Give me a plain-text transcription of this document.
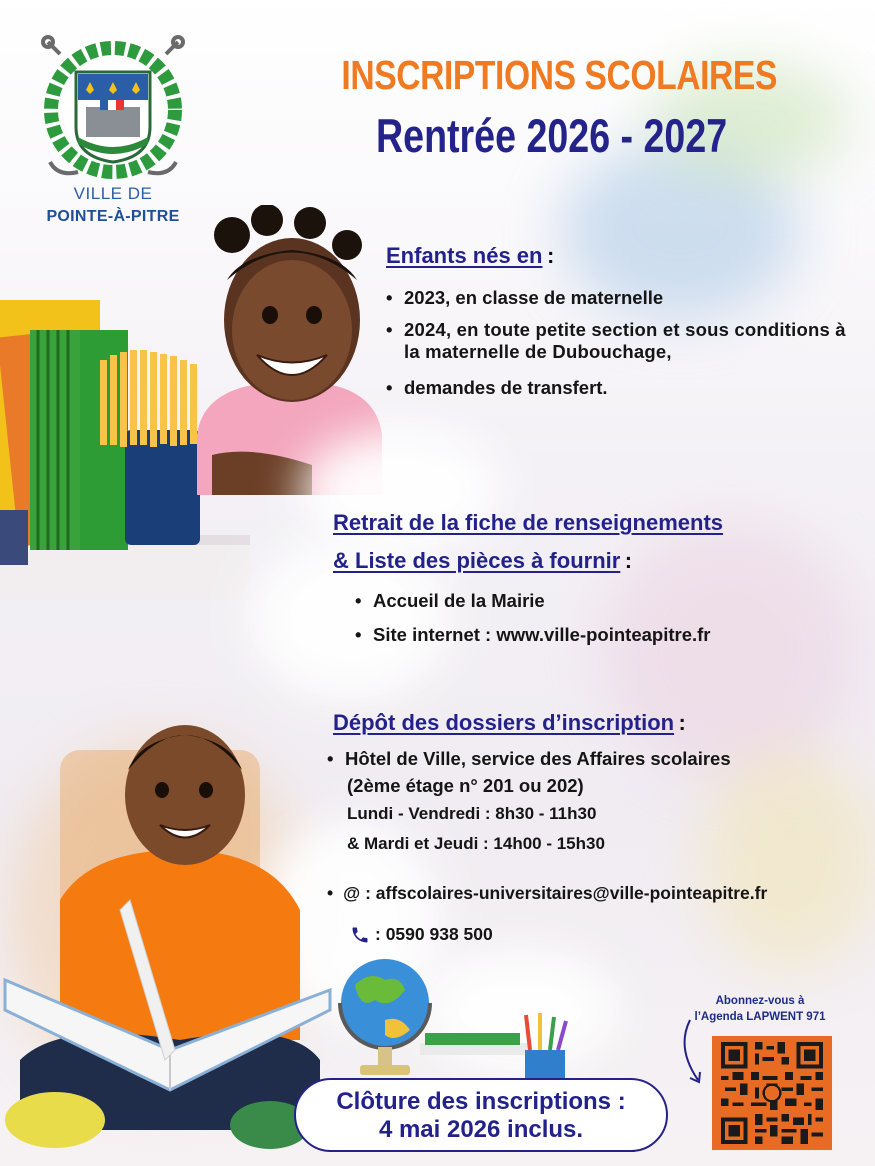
VILLE DE
POINTE-À-PITRE
INSCRIPTIONS SCOLAIRES
Rentrée 2026 - 2027
Enfants nés en :
• 2023, en classe de maternelle
• 2024, en toute petite section et sous conditions à la maternelle de Dubouchage,
• demandes de transfert.
Retrait de la fiche de renseignements
& Liste des pièces à fournir :
• Accueil de la Mairie
• Site internet : www.ville-pointeapitre.fr
Dépôt des dossiers d’inscription :
• Hôtel de Ville, service des Affaires scolaires
(2ème étage n° 201 ou 202)
Lundi - Vendredi : 8h30 - 11h30
& Mardi et Jeudi : 14h00 - 15h30
• @ : affscolaires-universitaires@ville-pointeapitre.fr
: 0590 938 500
Clôture des inscriptions :
4 mai 2026 inclus.
Abonnez-vous à
l’Agenda LAPWENT 971
